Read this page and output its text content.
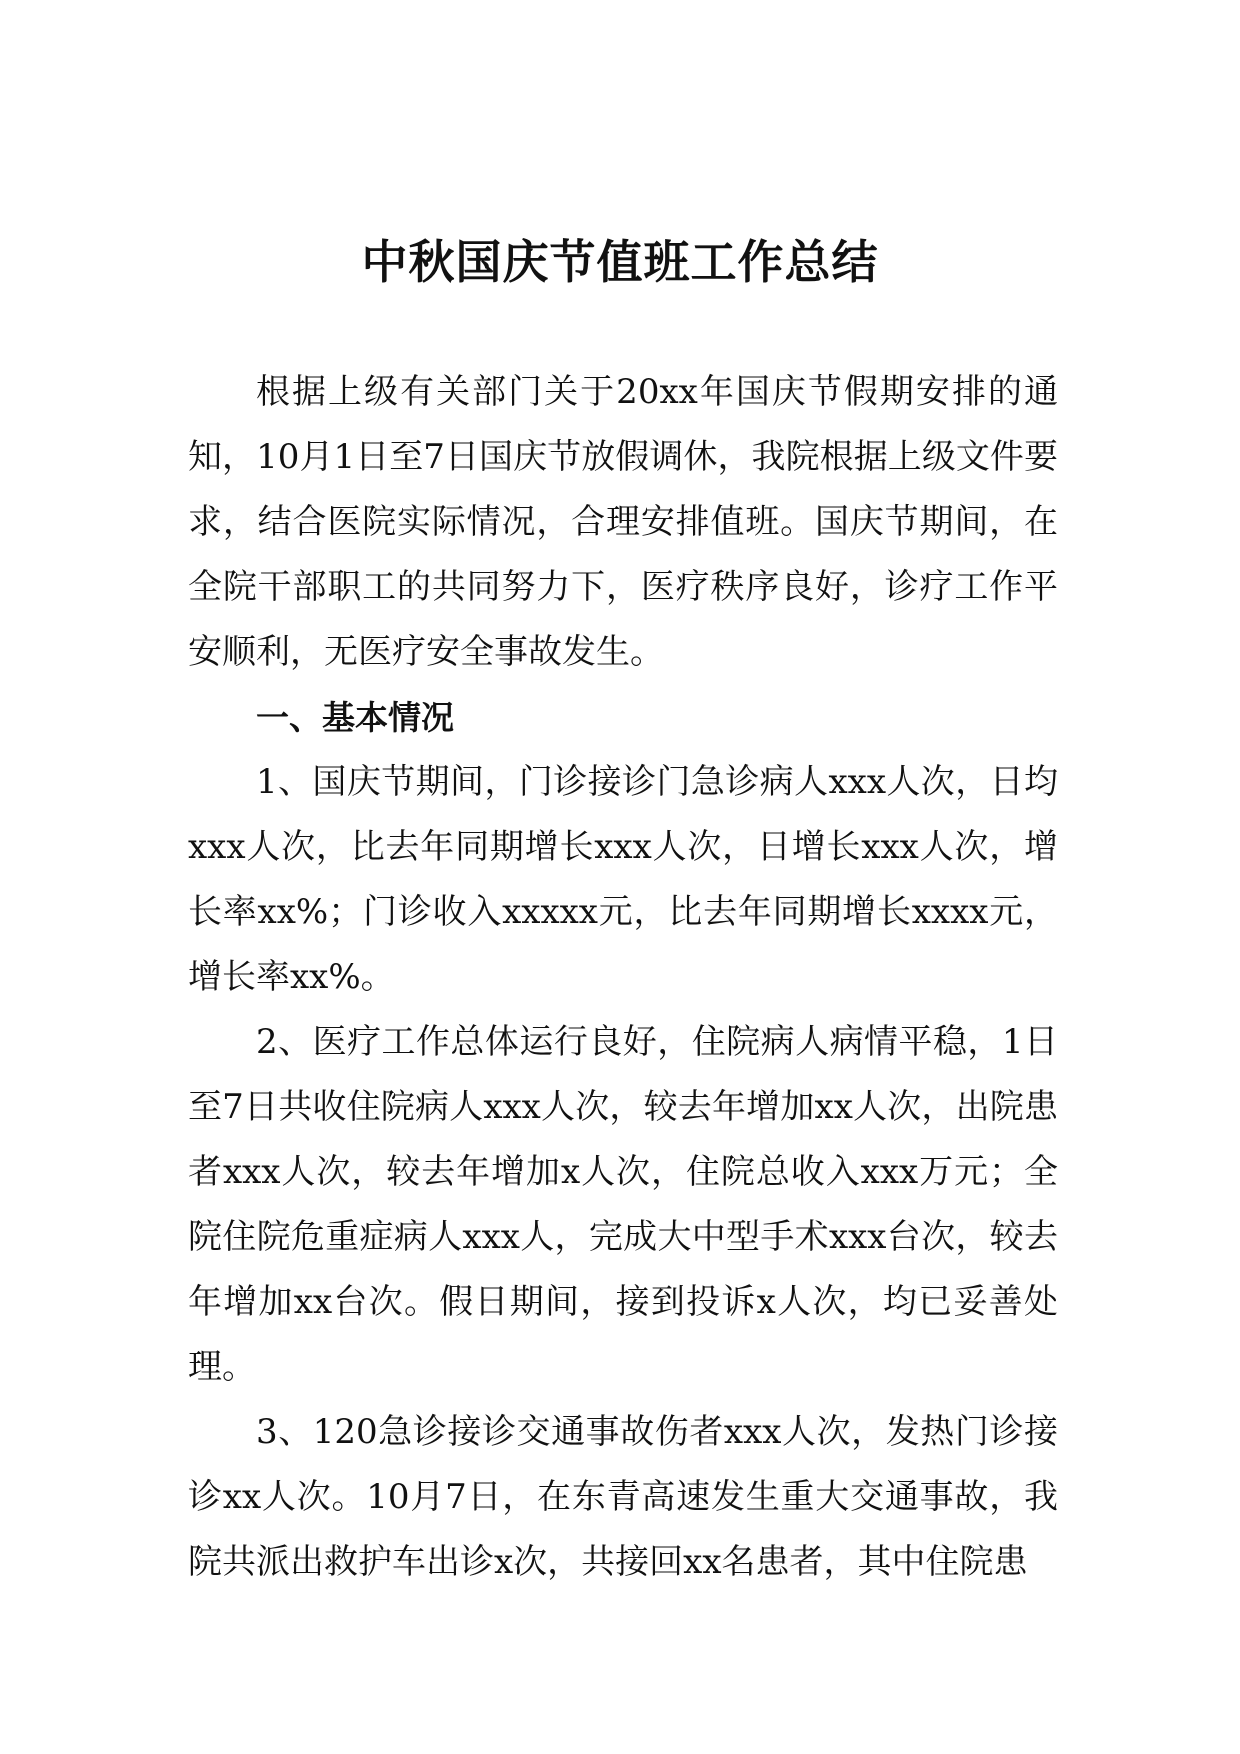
中秋国庆节值班工作总结

根据上级有关部门关于20xx年国庆节假期安排的通知，10月1日至7日国庆节放假调休，我院根据上级文件要求，结合医院实际情况，合理安排值班。国庆节期间，在全院干部职工的共同努力下，医疗秩序良好，诊疗工作平安顺利，无医疗安全事故发生。

一、基本情况

1、国庆节期间，门诊接诊门急诊病人xxx人次，日均xxx人次，比去年同期增长xxx人次，日增长xxx人次，增长率xx%；门诊收入xxxxx元，比去年同期增长xxxx元，增长率xx%。

2、医疗工作总体运行良好，住院病人病情平稳，1日至7日共收住院病人xxx人次，较去年增加xx人次，出院患者xxx人次，较去年增加x人次，住院总收入xxx万元；全院住院危重症病人xxx人，完成大中型手术xxx台次，较去年增加xx台次。假日期间，接到投诉x人次，均已妥善处理。

3、120急诊接诊交通事故伤者xxx人次，发热门诊接诊xx人次。10月7日，在东青高速发生重大交通事故，我院共派出救护车出诊x次，共接回xx名患者，其中住院患
